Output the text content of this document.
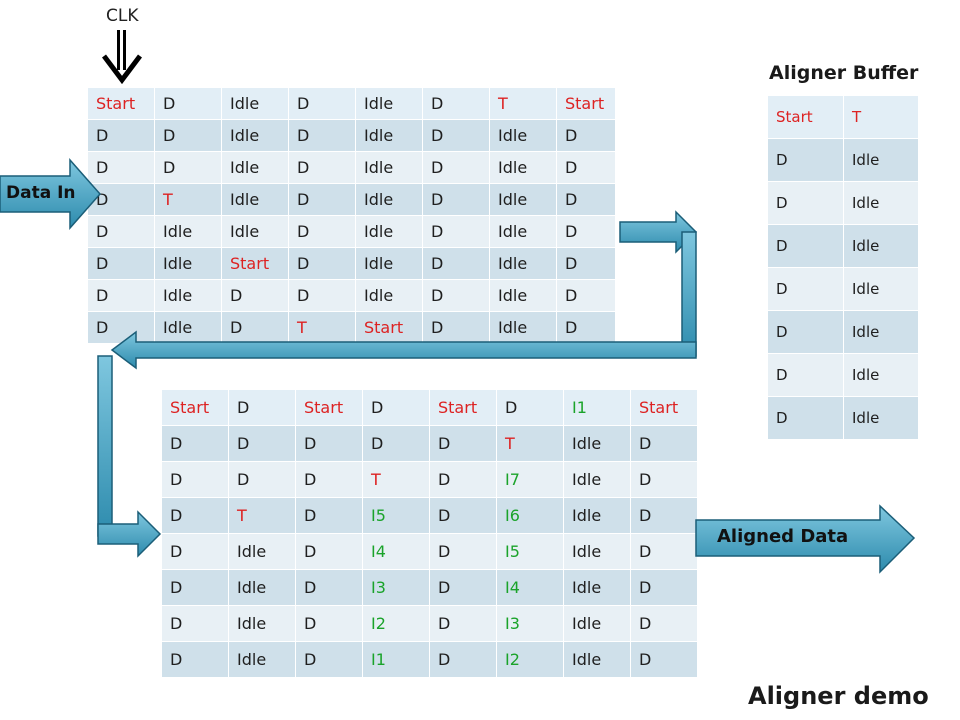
CLK
Start	D	Idle	D	Idle	D	T	Start
D	D	Idle	D	Idle	D	Idle	D
D	D	Idle	D	Idle	D	Idle	D
D	T	Idle	D	Idle	D	Idle	D
D	Idle	Idle	D	Idle	D	Idle	D
D	Idle	Start	D	Idle	D	Idle	D
D	Idle	D	D	Idle	D	Idle	D
D	Idle	D	T	Start	D	Idle	D
Aligner Buffer
Start	T
D	Idle
D	Idle
D	Idle
D	Idle
D	Idle
D	Idle
D	Idle
Start	D	Start	D	Start	D	I1	Start
D	D	D	D	D	T	Idle	D
D	D	D	T	D	I7	Idle	D
D	T	D	I5	D	I6	Idle	D
D	Idle	D	I4	D	I5	Idle	D
D	Idle	D	I3	D	I4	Idle	D
D	Idle	D	I2	D	I3	Idle	D
D	Idle	D	I1	D	I2	Idle	D
Data In
Aligned Data
Aligner demo
